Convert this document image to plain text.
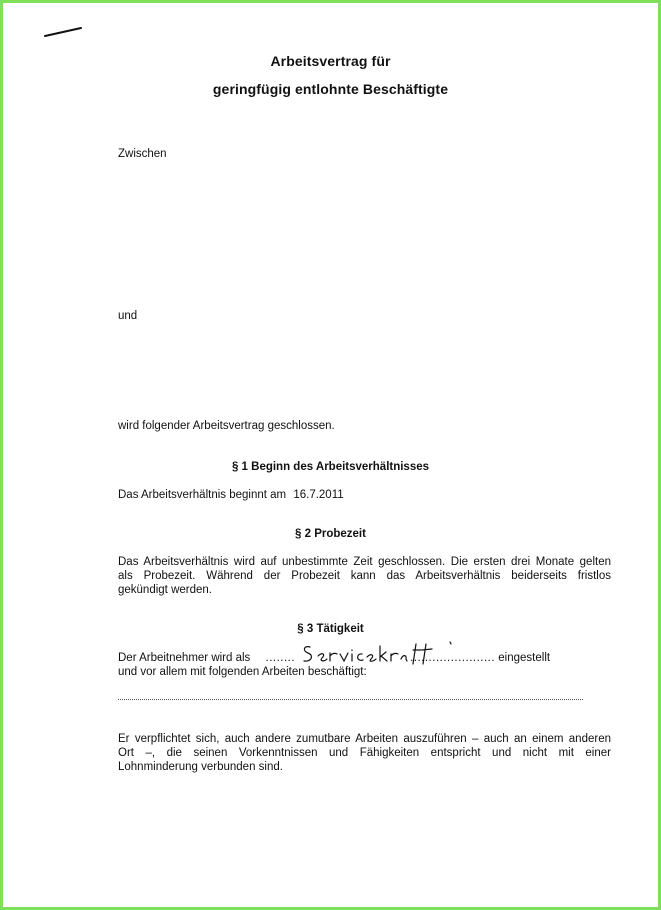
Arbeitsvertrag für
geringfügig entlohnte Beschäftigte
Zwischen
und
wird folgender Arbeitsvertrag geschlossen.
§ 1 Beginn des Arbeitsverhältnisses
Das Arbeitsverhältnis beginnt am 16.7.2011
§ 2 Probezeit
Das Arbeitsverhältnis wird auf unbestimmte Zeit geschlossen. Die ersten drei Monate gelten
als Probezeit. Während der Probezeit kann das Arbeitsverhältnis beiderseits fristlos
gekündigt werden.
§ 3 Tätigkeit
Der Arbeitnehmer wird als ........	....................... eingestellt
und vor allem mit folgenden Arbeiten beschäftigt:
Er verpflichtet sich, auch andere zumutbare Arbeiten auszuführen – auch an einem anderen
Ort –, die seinen Vorkenntnissen und Fähigkeiten entspricht und nicht mit einer
Lohnminderung verbunden sind.
